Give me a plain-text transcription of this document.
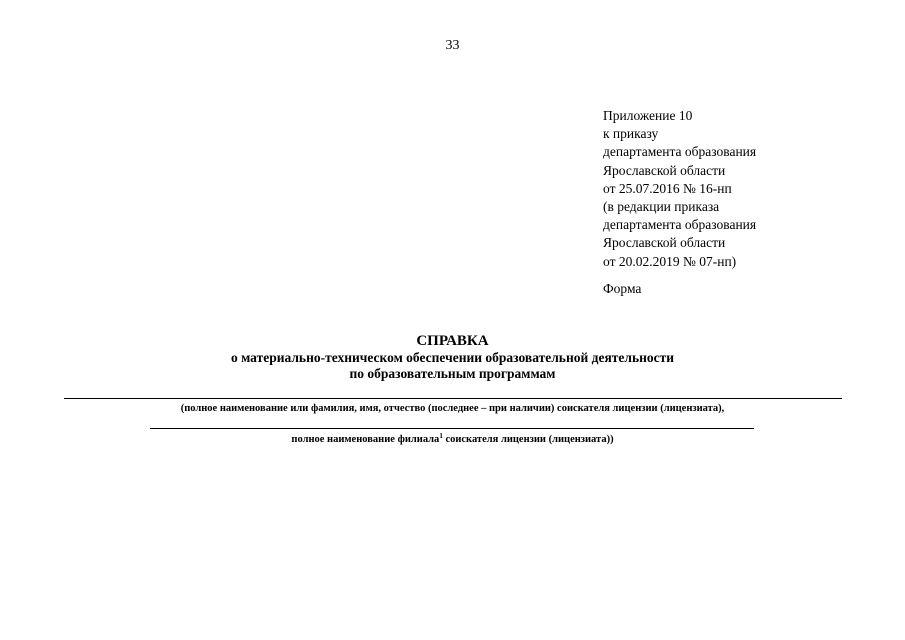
33
Приложение 10
к приказу
департамента образования
Ярославской области
от 25.07.2016 № 16-нп
(в редакции приказа
департамента образования
Ярославской области
от 20.02.2019 № 07-нп)
Форма
СПРАВКА
о материально-техническом обеспечении образовательной деятельности
по образовательным программам
(полное наименование или фамилия, имя, отчество (последнее – при наличии) соискателя лицензии (лицензиата),
полное наименование филиала$^1$ соискателя лицензии (лицензиата))
